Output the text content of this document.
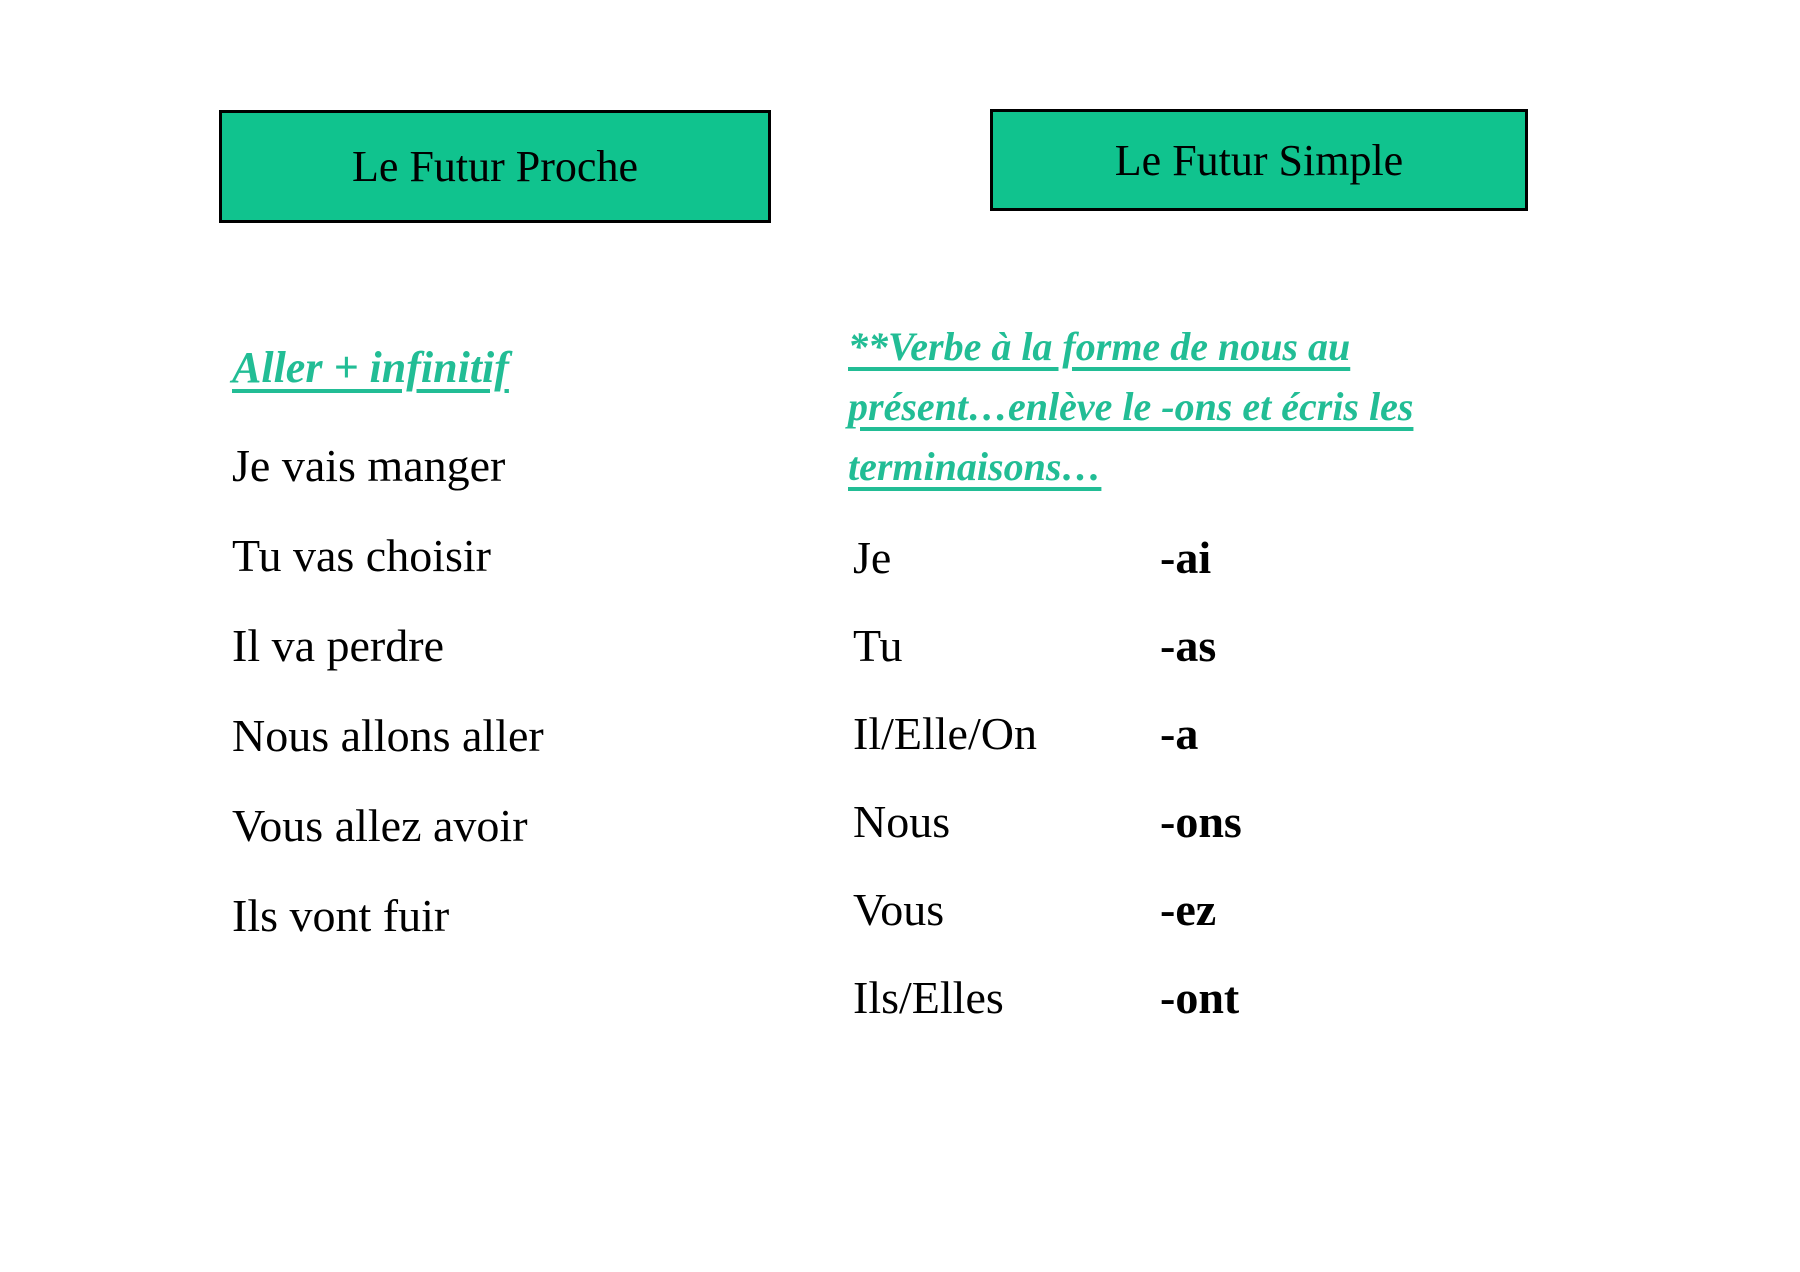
Le Futur Proche	Le Futur Simple
Aller + infinitif
Je vais manger
Tu vas choisir
Il va perdre
Nous allons aller
Vous allez avoir
Ils vont fuir
**Verbe à la forme de nous au
présent…enlève le -ons et écris les
terminaisons…
Je	-ai
Tu	-as
Il/Elle/On	-a
Nous	-ons
Vous	-ez
Ils/Elles	-ont
